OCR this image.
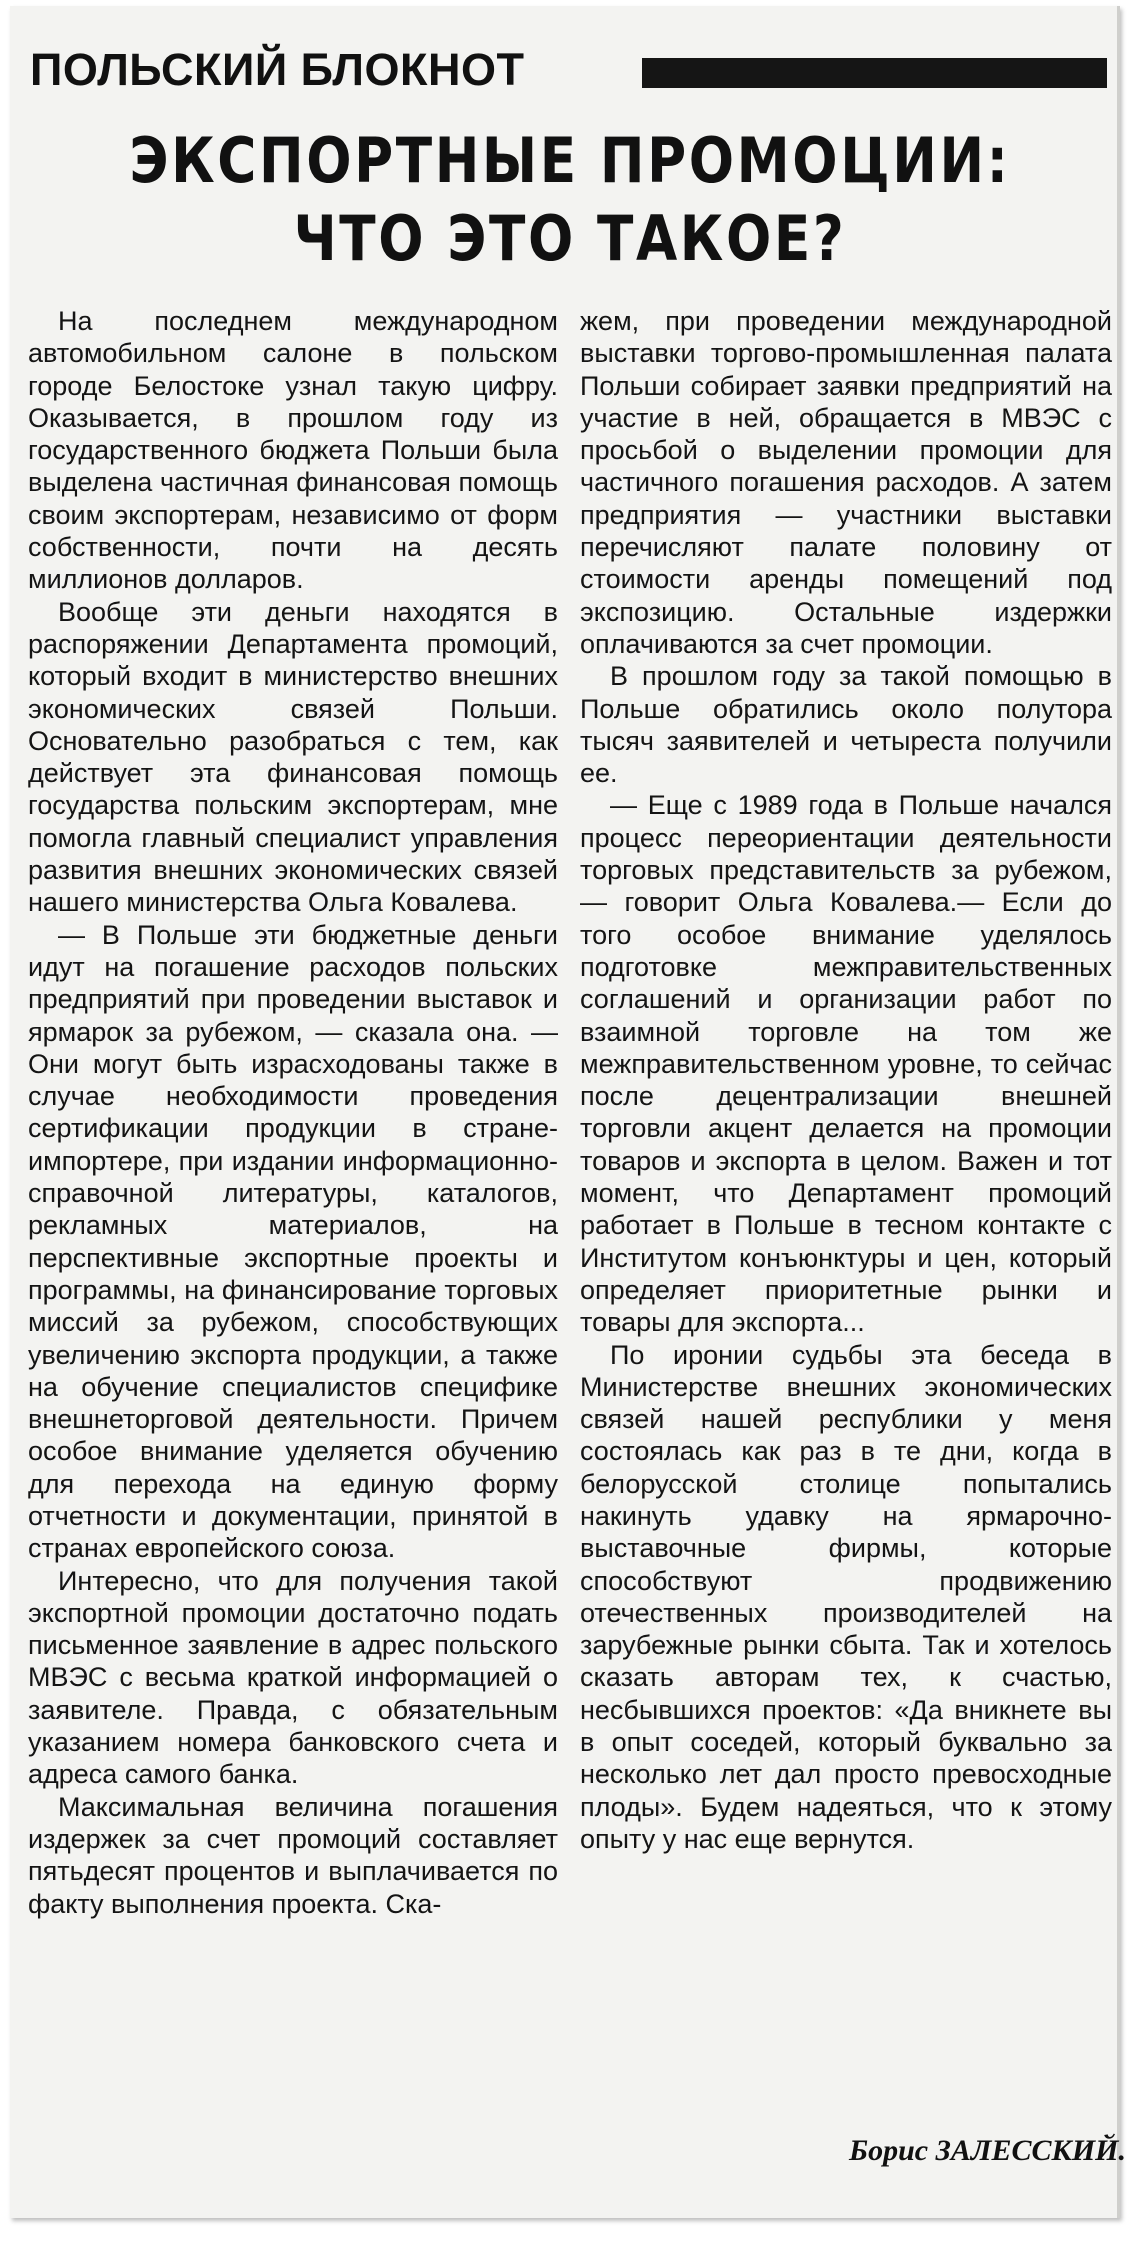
ПОЛЬСКИЙ БЛОКНОТ
ЭКСПОРТНЫЕ ПРОМОЦИИ:
ЧТО ЭТО ТАКОЕ?

На последнем международном автомобильном салоне в польском городе Белостоке узнал такую цифру. Оказывается, в прошлом году из государственного бюджета Польши была выделена частичная финансовая помощь своим экспортерам, независимо от форм собственности, почти на десять миллионов долларов.

Вообще эти деньги находятся в распоряжении Департамента промоций, который входит в министерство внешних экономических связей Польши. Основательно разобраться с тем, как действует эта финансовая помощь государства польским экспортерам, мне помогла главный специалист управления развития внешних экономических связей нашего министерства Ольга Ковалева.

— В Польше эти бюджетные деньги идут на погашение расходов польских предприятий при проведении выставок и ярмарок за рубежом, — сказала она. — Они могут быть израсходованы также в случае необходимости проведения сертификации продукции в стране-импортере, при издании информационно-справочной литературы, каталогов, рекламных материалов, на перспективные экспортные проекты и программы, на финансирование торговых миссий за рубежом, способствующих увеличению экспорта продукции, а также на обучение специалистов специфике внешнеторговой деятельности. Причем особое внимание уделяется обучению для перехода на единую форму отчетности и документации, принятой в странах европейского союза.

Интересно, что для получения такой экспортной промоции достаточно подать письменное заявление в адрес польского МВЭС с весьма краткой информацией о заявителе. Правда, с обязательным указанием номера банковского счета и адреса самого банка.

Максимальная величина погашения издержек за счет промоций составляет пятьдесят процентов и выплачивается по факту выполнения проекта. Ска-

жем, при проведении международной выставки торгово-промышленная палата Польши собирает заявки предприятий на участие в ней, обращается в МВЭС с просьбой о выделении промоции для частичного погашения расходов. А затем предприятия — участники выставки перечисляют палате половину от стоимости аренды помещений под экспозицию. Остальные издержки оплачиваются за счет промоции.

В прошлом году за такой помощью в Польше обратились около полутора тысяч заявителей и четыреста получили ее.

— Еще с 1989 года в Польше начался процесс переориентации деятельности торговых представительств за рубежом,— говорит Ольга Ковалева.— Если до того особое внимание уделялось подготовке межправительственных соглашений и организации работ по взаимной торговле на том же межправительственном уровне, то сейчас после децентрализации внешней торговли акцент делается на промоции товаров и экспорта в целом. Важен и тот момент, что Департамент промоций работает в Польше в тесном контакте с Институтом конъюнктуры и цен, который определяет приоритетные рынки и товары для экспорта...

По иронии судьбы эта беседа в Министерстве внешних экономических связей нашей республики у меня состоялась как раз в те дни, когда в белорусской столице попытались накинуть удавку на ярмарочно-выставочные фирмы, которые способствуют продвижению отечественных производителей на зарубежные рынки сбыта. Так и хотелось сказать авторам тех, к счастью, несбывшихся проектов: «Да вникнете вы в опыт соседей, который буквально за несколько лет дал просто превосходные плоды». Будем надеяться, что к этому опыту у нас еще вернутся.

Борис ЗАЛЕССКИЙ.
